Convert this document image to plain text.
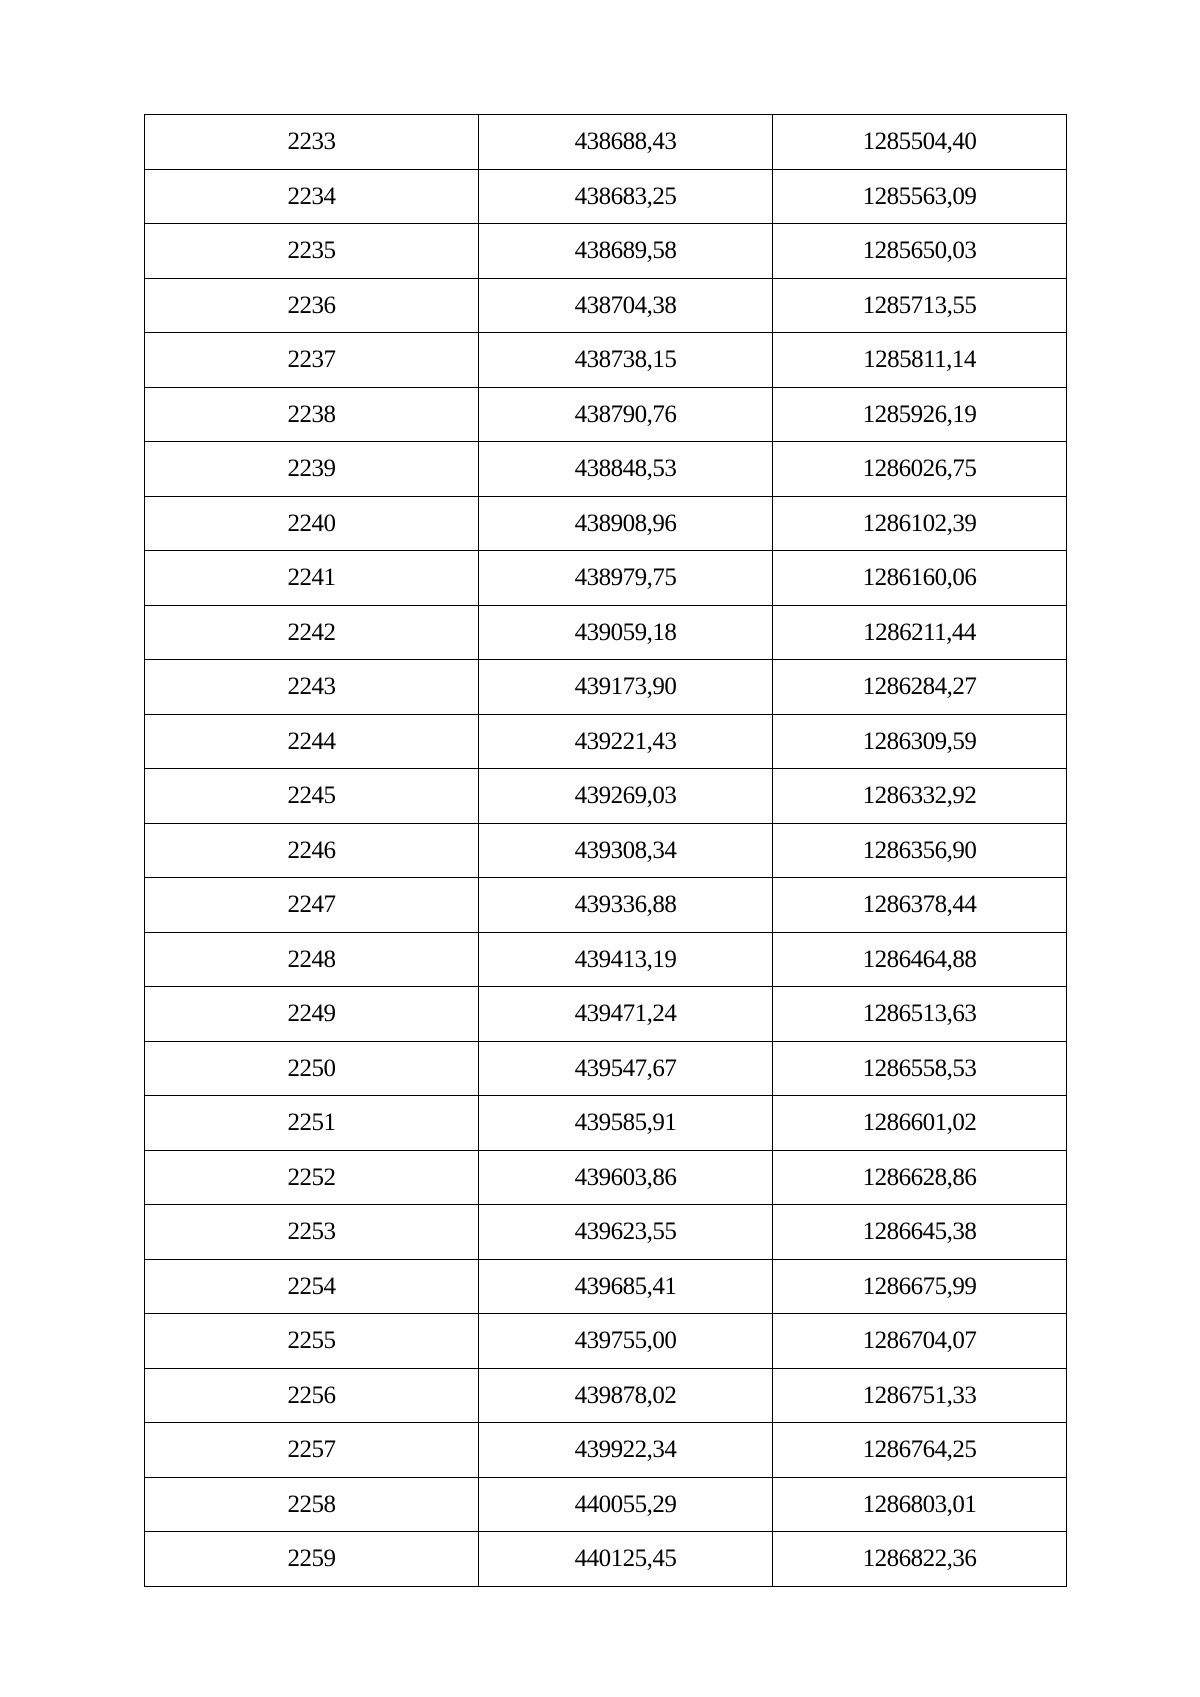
2233	438688,43	1285504,40
2234	438683,25	1285563,09
2235	438689,58	1285650,03
2236	438704,38	1285713,55
2237	438738,15	1285811,14
2238	438790,76	1285926,19
2239	438848,53	1286026,75
2240	438908,96	1286102,39
2241	438979,75	1286160,06
2242	439059,18	1286211,44
2243	439173,90	1286284,27
2244	439221,43	1286309,59
2245	439269,03	1286332,92
2246	439308,34	1286356,90
2247	439336,88	1286378,44
2248	439413,19	1286464,88
2249	439471,24	1286513,63
2250	439547,67	1286558,53
2251	439585,91	1286601,02
2252	439603,86	1286628,86
2253	439623,55	1286645,38
2254	439685,41	1286675,99
2255	439755,00	1286704,07
2256	439878,02	1286751,33
2257	439922,34	1286764,25
2258	440055,29	1286803,01
2259	440125,45	1286822,36
